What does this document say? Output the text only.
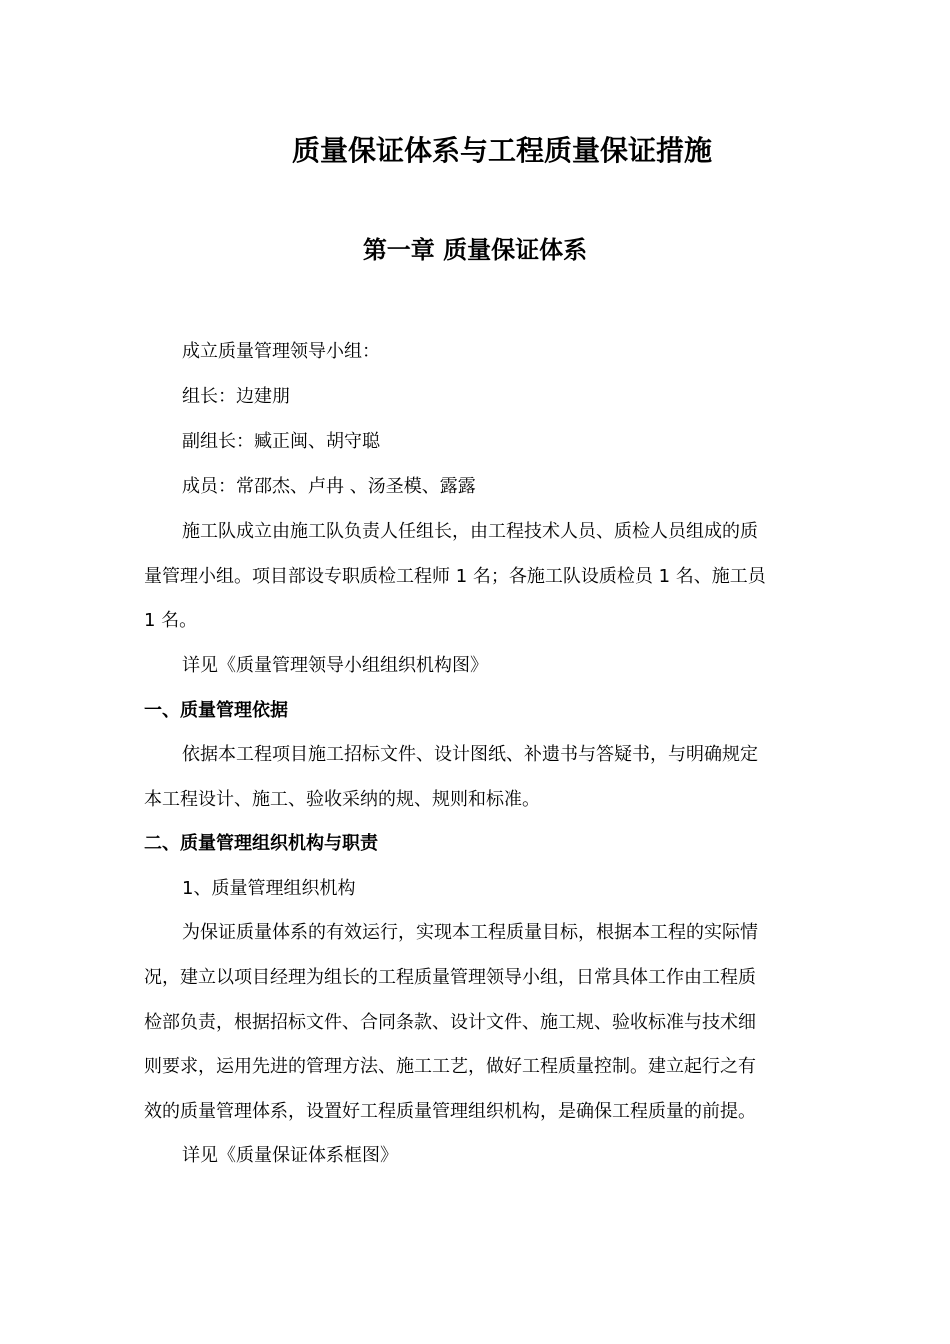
质量保证体系与工程质量保证措施
第一章 质量保证体系
成立质量管理领导小组：
组长：边建朋
副组长：臧正闽、胡守聪
成员：常邵杰、卢冉 、汤圣模、露露
施工队成立由施工队负责人任组长，由工程技术人员、质检人员组成的质
量管理小组。项目部设专职质检工程师 1 名；各施工队设质检员 1 名、施工员
1 名。
详见《质量管理领导小组组织机构图》
一、质量管理依据
依据本工程项目施工招标文件、设计图纸、补遗书与答疑书，与明确规定
本工程设计、施工、验收采纳的规、规则和标准。
二、质量管理组织机构与职责
1、质量管理组织机构
为保证质量体系的有效运行，实现本工程质量目标，根据本工程的实际情
况，建立以项目经理为组长的工程质量管理领导小组，日常具体工作由工程质
检部负责，根据招标文件、合同条款、设计文件、施工规、验收标准与技术细
则要求，运用先进的管理方法、施工工艺，做好工程质量控制。建立起行之有
效的质量管理体系，设置好工程质量管理组织机构，是确保工程质量的前提。
详见《质量保证体系框图》
